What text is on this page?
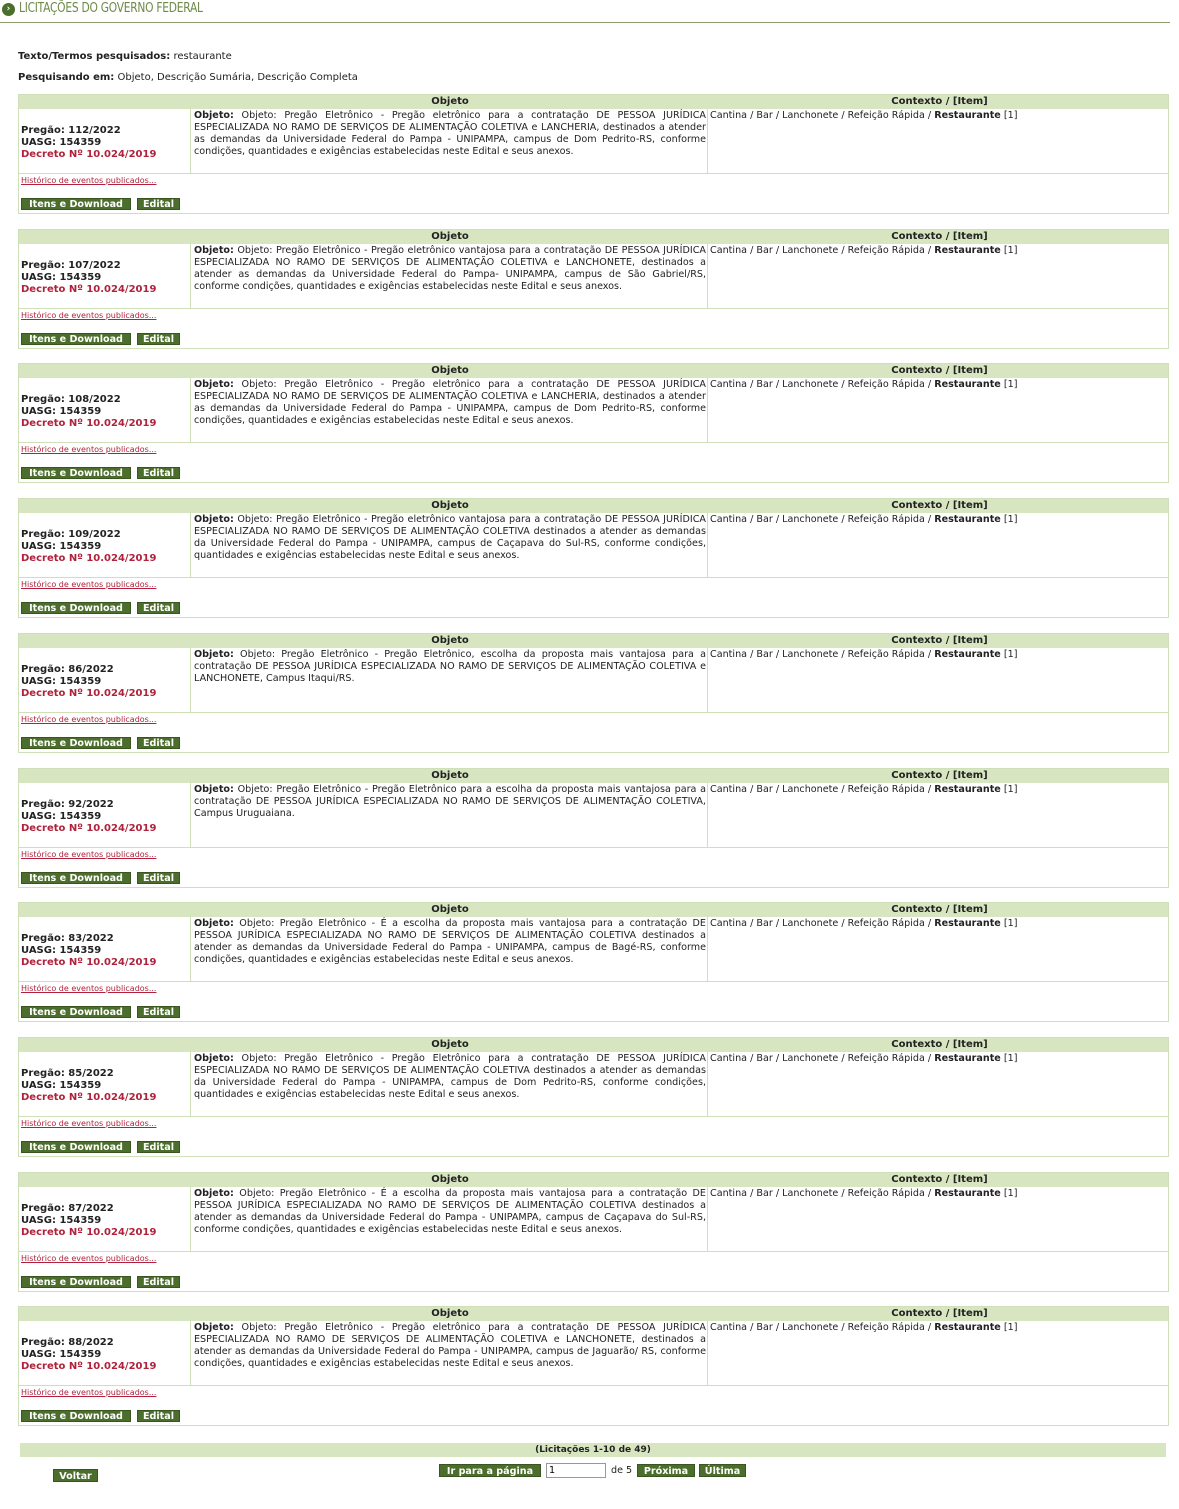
› LICITAÇÕES DO GOVERNO FEDERAL
Texto/Termos pesquisados: restaurante
Pesquisando em: Objeto, Descrição Sumária, Descrição Completa
Objeto	Contexto / [Item]
Pregão: 112/2022
UASG: 154359
Decreto Nº 10.024/2019
Objeto: Objeto: Pregão Eletrônico - Pregão eletrônico para a contratação DE PESSOA JURÍDICA ESPECIALIZADA NO RAMO DE SERVIÇOS DE ALIMENTAÇÃO COLETIVA e LANCHERIA, destinados a atender as demandas da Universidade Federal do Pampa - UNIPAMPA, campus de Dom Pedrito-RS, conforme condições, quantidades e exigências estabelecidas neste Edital e seus anexos.
Cantina / Bar / Lanchonete / Refeição Rápida / Restaurante [1]
Histórico de eventos publicados...
Itens e Download	Edital
Objeto	Contexto / [Item]
Pregão: 107/2022
UASG: 154359
Decreto Nº 10.024/2019
Objeto: Objeto: Pregão Eletrônico - Pregão eletrônico vantajosa para a contratação DE PESSOA JURÍDICA ESPECIALIZADA NO RAMO DE SERVIÇOS DE ALIMENTAÇÃO COLETIVA e LANCHONETE, destinados a atender as demandas da Universidade Federal do Pampa- UNIPAMPA, campus de São Gabriel/RS, conforme condições, quantidades e exigências estabelecidas neste Edital e seus anexos.
Cantina / Bar / Lanchonete / Refeição Rápida / Restaurante [1]
Histórico de eventos publicados...
Itens e Download	Edital
Objeto	Contexto / [Item]
Pregão: 108/2022
UASG: 154359
Decreto Nº 10.024/2019
Objeto: Objeto: Pregão Eletrônico - Pregão eletrônico para a contratação DE PESSOA JURÍDICA ESPECIALIZADA NO RAMO DE SERVIÇOS DE ALIMENTAÇÃO COLETIVA e LANCHERIA, destinados a atender as demandas da Universidade Federal do Pampa - UNIPAMPA, campus de Dom Pedrito-RS, conforme condições, quantidades e exigências estabelecidas neste Edital e seus anexos.
Cantina / Bar / Lanchonete / Refeição Rápida / Restaurante [1]
Histórico de eventos publicados...
Itens e Download	Edital
Objeto	Contexto / [Item]
Pregão: 109/2022
UASG: 154359
Decreto Nº 10.024/2019
Objeto: Objeto: Pregão Eletrônico - Pregão eletrônico vantajosa para a contratação DE PESSOA JURÍDICA ESPECIALIZADA NO RAMO DE SERVIÇOS DE ALIMENTAÇÃO COLETIVA destinados a atender as demandas da Universidade Federal do Pampa - UNIPAMPA, campus de Caçapava do Sul-RS, conforme condições, quantidades e exigências estabelecidas neste Edital e seus anexos.
Cantina / Bar / Lanchonete / Refeição Rápida / Restaurante [1]
Histórico de eventos publicados...
Itens e Download	Edital
Objeto	Contexto / [Item]
Pregão: 86/2022
UASG: 154359
Decreto Nº 10.024/2019
Objeto: Objeto: Pregão Eletrônico - Pregão Eletrônico, escolha da proposta mais vantajosa para a contratação DE PESSOA JURÍDICA ESPECIALIZADA NO RAMO DE SERVIÇOS DE ALIMENTAÇÃO COLETIVA e LANCHONETE, Campus Itaqui/RS.
Cantina / Bar / Lanchonete / Refeição Rápida / Restaurante [1]
Histórico de eventos publicados...
Itens e Download	Edital
Objeto	Contexto / [Item]
Pregão: 92/2022
UASG: 154359
Decreto Nº 10.024/2019
Objeto: Objeto: Pregão Eletrônico - Pregão Eletrônico para a escolha da proposta mais vantajosa para a contratação DE PESSOA JURÍDICA ESPECIALIZADA NO RAMO DE SERVIÇOS DE ALIMENTAÇÃO COLETIVA, Campus Uruguaiana.
Cantina / Bar / Lanchonete / Refeição Rápida / Restaurante [1]
Histórico de eventos publicados...
Itens e Download	Edital
Objeto	Contexto / [Item]
Pregão: 83/2022
UASG: 154359
Decreto Nº 10.024/2019
Objeto: Objeto: Pregão Eletrônico - É a escolha da proposta mais vantajosa para a contratação DE PESSOA JURÍDICA ESPECIALIZADA NO RAMO DE SERVIÇOS DE ALIMENTAÇÃO COLETIVA destinados a atender as demandas da Universidade Federal do Pampa - UNIPAMPA, campus de Bagé-RS, conforme condições, quantidades e exigências estabelecidas neste Edital e seus anexos.
Cantina / Bar / Lanchonete / Refeição Rápida / Restaurante [1]
Histórico de eventos publicados...
Itens e Download	Edital
Objeto	Contexto / [Item]
Pregão: 85/2022
UASG: 154359
Decreto Nº 10.024/2019
Objeto: Objeto: Pregão Eletrônico - Pregão Eletrônico para a contratação DE PESSOA JURÍDICA ESPECIALIZADA NO RAMO DE SERVIÇOS DE ALIMENTAÇÃO COLETIVA destinados a atender as demandas da Universidade Federal do Pampa - UNIPAMPA, campus de Dom Pedrito-RS, conforme condições, quantidades e exigências estabelecidas neste Edital e seus anexos.
Cantina / Bar / Lanchonete / Refeição Rápida / Restaurante [1]
Histórico de eventos publicados...
Itens e Download	Edital
Objeto	Contexto / [Item]
Pregão: 87/2022
UASG: 154359
Decreto Nº 10.024/2019
Objeto: Objeto: Pregão Eletrônico - É a escolha da proposta mais vantajosa para a contratação DE PESSOA JURÍDICA ESPECIALIZADA NO RAMO DE SERVIÇOS DE ALIMENTAÇÃO COLETIVA destinados a atender as demandas da Universidade Federal do Pampa - UNIPAMPA, campus de Caçapava do Sul-RS, conforme condições, quantidades e exigências estabelecidas neste Edital e seus anexos.
Cantina / Bar / Lanchonete / Refeição Rápida / Restaurante [1]
Histórico de eventos publicados...
Itens e Download	Edital
Objeto	Contexto / [Item]
Pregão: 88/2022
UASG: 154359
Decreto Nº 10.024/2019
Objeto: Objeto: Pregão Eletrônico - Pregão eletrônico para a contratação DE PESSOA JURÍDICA ESPECIALIZADA NO RAMO DE SERVIÇOS DE ALIMENTAÇÃO COLETIVA e LANCHONETE, destinados a atender as demandas da Universidade Federal do Pampa - UNIPAMPA, campus de Jaguarão/ RS, conforme condições, quantidades e exigências estabelecidas neste Edital e seus anexos.
Cantina / Bar / Lanchonete / Refeição Rápida / Restaurante [1]
Histórico de eventos publicados...
Itens e Download	Edital
(Licitações 1-10 de 49)
Voltar	Ir para a página
1	de 5	Próxima	Última
